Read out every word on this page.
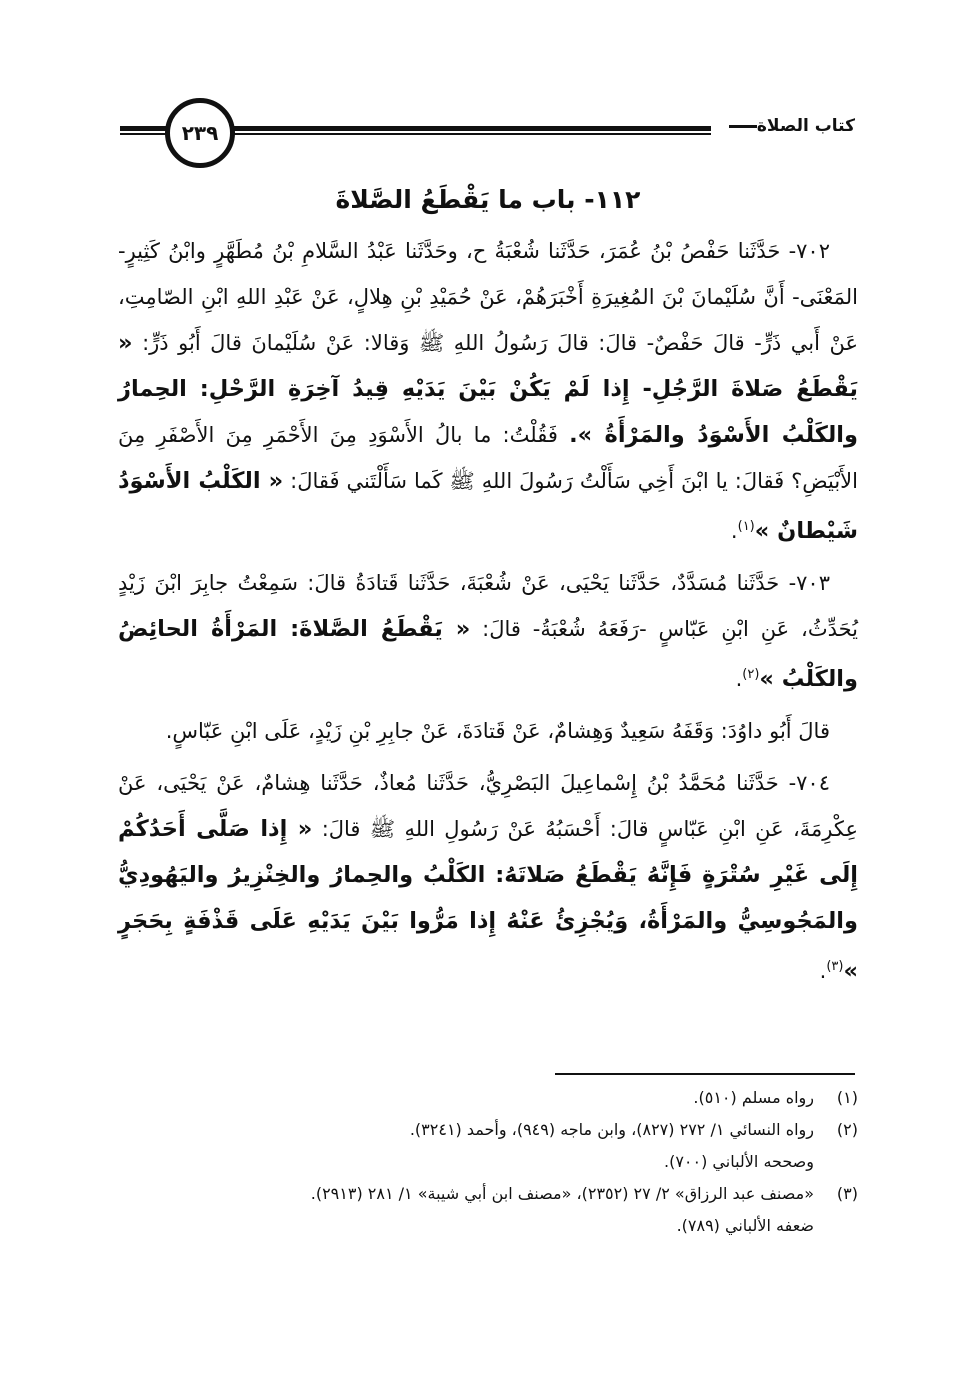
كتاب الصلاة
٢٣٩
١١٢- باب ما يَقْطَعُ الصَّلاةَ

٧٠٢- حَدَّثَنا حَفْصُ بْنُ عُمَرَ، حَدَّثَنا شُعْبَةُ ح، وحَدَّثَنا عَبْدُ السَّلامِ بْنُ مُطَهَّرٍ وابْنُ كَثِيرٍ- المَعْنَى- أَنَّ سُلَيْمانَ بْنَ المُغِيرَةِ أَخْبَرَهُمْ، عَنْ حُمَيْدِ بْنِ هِلالٍ، عَنْ عَبْدِ اللهِ ابْنِ الصّامِتِ، عَنْ أَبي ذَرٍّ- قالَ حَفْصٌ- قالَ: قالَ رَسُولُ اللهِ ﷺ وَقالا: عَنْ سُلَيْمانَ قالَ أَبُو ذَرٍّ: « يَقْطَعُ صَلاةَ الرَّجُلِ- إِذا لَمْ يَكُنْ بَيْنَ يَدَيْهِ قِيدُ آخِرَةِ الرَّحْلِ: الحِمارُ والكَلْبُ الأَسْوَدُ والمَرْأَةُ ». فَقُلْتُ: ما بالُ الأَسْوَدِ مِنَ الأَحْمَرِ مِنَ الأَصْفَرِ مِنَ الأَبْيَضِ؟ فَقالَ: يا ابْنَ أَخِي سَأَلْتُ رَسُولَ اللهِ ﷺ كَما سَأَلْتَني فَقالَ: « الكَلْبُ الأَسْوَدُ شَيْطانٌ »$^{(١)}$.

٧٠٣- حَدَّثَنا مُسَدَّدٌ، حَدَّثَنا يَحْيَى، عَنْ شُعْبَةَ، حَدَّثَنا قَتادَةُ قالَ: سَمِعْتُ جابِرَ ابْنَ زَيْدٍ يُحَدِّثُ، عَنِ ابْنِ عَبّاسٍ -رَفَعَهُ شُعْبَةُ- قالَ: « يَقْطَعُ الصَّلاةَ: المَرْأَةُ الحائِضُ والكَلْبُ »$^{(٢)}$.

قالَ أَبُو داوُدَ: وَقَفَهُ سَعِيدٌ وَهِشامٌ، عَنْ قَتادَةَ، عَنْ جابِرِ بْنِ زَيْدٍ، عَلَى ابْنِ عَبّاسٍ.

٧٠٤- حَدَّثَنا مُحَمَّدُ بْنُ إِسْماعِيلَ البَصْرِيُّ، حَدَّثَنا مُعاذٌ، حَدَّثَنا هِشامٌ، عَنْ يَحْيَى، عَنْ عِكْرِمَةَ، عَنِ ابْنِ عَبّاسٍ قالَ: أَحْسَبُهُ عَنْ رَسُولِ اللهِ ﷺ قالَ: « إِذا صَلَّى أَحَدُكُمْ إِلَى غَيْرِ سُتْرَةٍ فَإِنَّهُ يَقْطَعُ صَلاتَهُ: الكَلْبُ والحِمارُ والخِنْزِيرُ واليَهُودِيُّ والمَجُوسِيُّ والمَرْأَةُ، وَيُجْزِئُ عَنْهُ إِذا مَرُّوا بَيْنَ يَدَيْهِ عَلَى قَذْفَةٍ بِحَجَرٍ »$^{(٣)}$.

(١)
رواه مسلم (٥١٠).
(٢)
رواه النسائي ١/ ٢٧٢ (٨٢٧)، وابن ماجه (٩٤٩)، وأحمد (٣٢٤١).
وصححه الألباني (٧٠٠).
(٣)
«مصنف عبد الرزاق» ٢/ ٢٧ (٢٣٥٢)، «مصنف ابن أبي شيبة» ١/ ٢٨١ (٢٩١٣).
ضعفه الألباني (٧٨٩).
